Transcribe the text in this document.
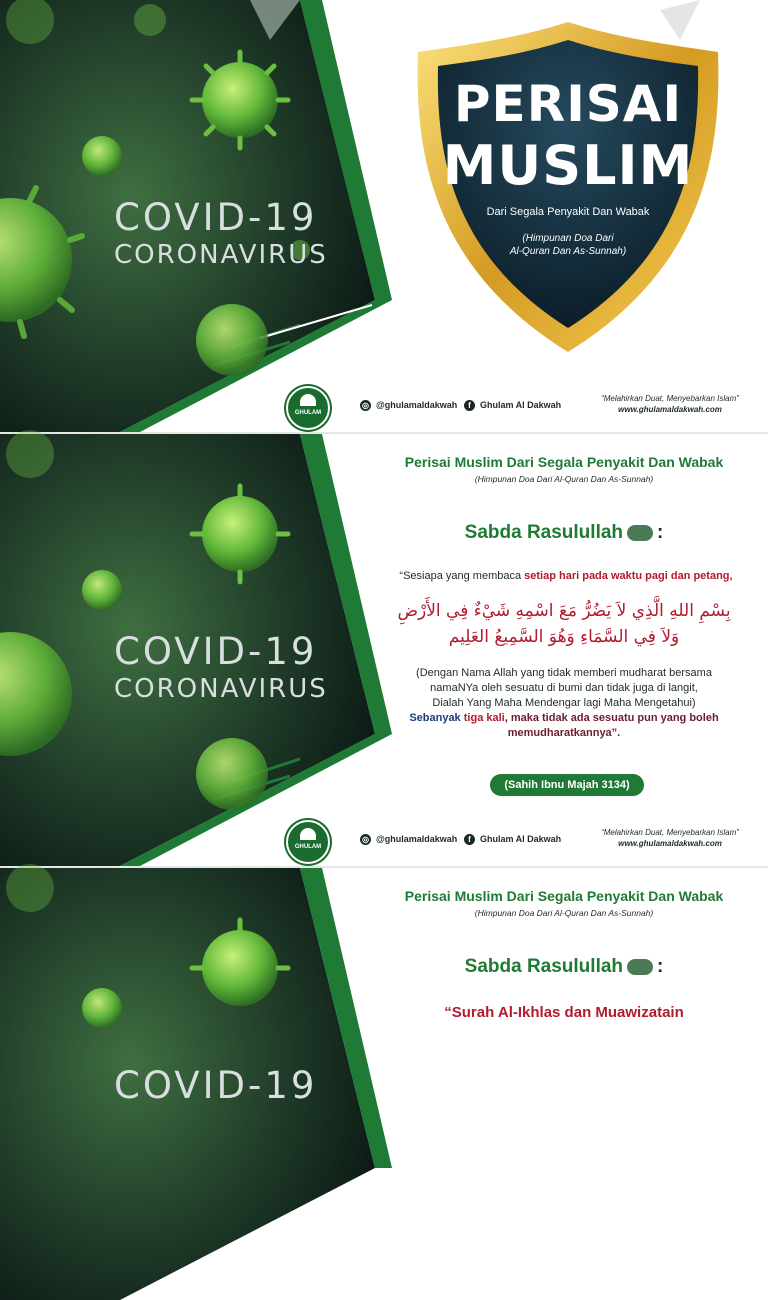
COVID-19
CORONAVIRUS
PERISAI
MUSLIM
Dari Segala Penyakit Dan Wabak
(Himpunan Doa Dari
Al-Quran Dan As-Sunnah)
GHULAM
◎ @ghulamaldakwah	f Ghulam Al Dakwah
“Melahirkan Duat, Menyebarkan Islam”
www.ghulamaldakwah.com
COVID-19
CORONAVIRUS
Perisai Muslim Dari Segala Penyakit Dan Wabak
(Himpunan Doa Dari Al-Quran Dan As-Sunnah)
Sabda Rasulullah :
“Sesiapa yang membaca setiap hari pada waktu pagi dan petang,
بِسْمِ اللهِ الَّذِي لاَ يَضُرُّ مَعَ اسْمِهِ شَيْءٌ فِي الأَرْضِ
وَلاَ فِي السَّمَاءِ وَهُوَ السَّمِيعُ العَلِيم
(Dengan Nama Allah yang tidak memberi mudharat bersama
namaNYa oleh sesuatu di bumi dan tidak juga di langit,
Dialah Yang Maha Mendengar lagi Maha Mengetahui)
Sebanyak tiga kali, maka tidak ada sesuatu pun yang boleh
memudharatkannya”.
(Sahih Ibnu Majah 3134)
GHULAM
◎ @ghulamaldakwah	f Ghulam Al Dakwah
“Melahirkan Duat, Menyebarkan Islam”
www.ghulamaldakwah.com
COVID-19
Perisai Muslim Dari Segala Penyakit Dan Wabak
(Himpunan Doa Dari Al-Quran Dan As-Sunnah)
Sabda Rasulullah :
“Surah Al-Ikhlas dan Muawizatain
